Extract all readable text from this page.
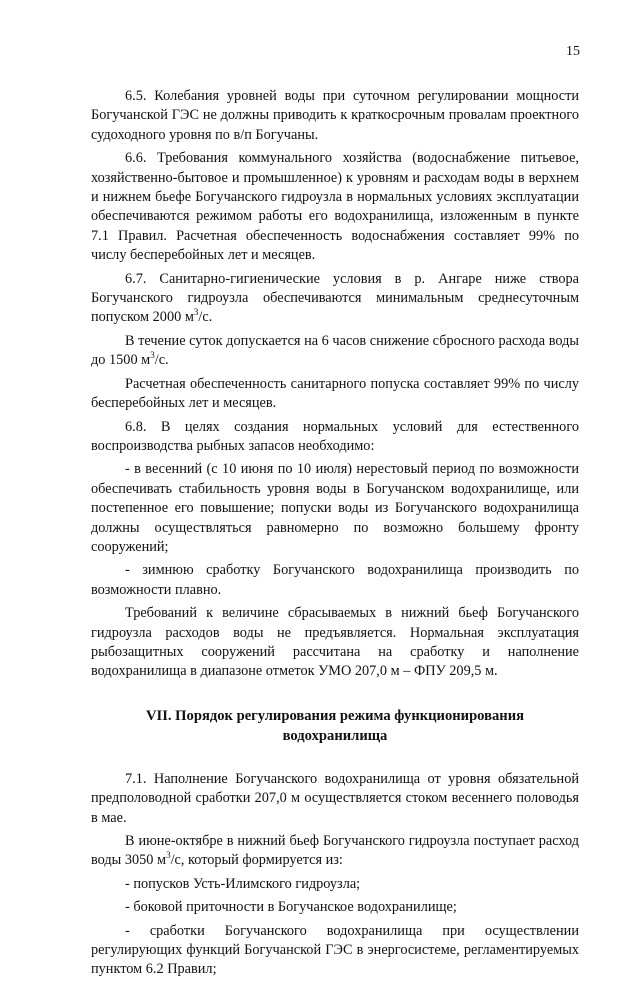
15

6.5. Колебания уровней воды при суточном регулировании мощности Богучанской ГЭС не должны приводить к краткосрочным провалам проектного судоходного уровня по в/п Богучаны.

6.6. Требования коммунального хозяйства (водоснабжение питьевое, хозяйственно-бытовое и промышленное) к уровням и расходам воды в верхнем и нижнем бьефе Богучанского гидроузла в нормальных условиях эксплуатации обеспечиваются режимом работы его водохранилища, изложенным в пункте 7.1 Правил. Расчетная обеспеченность водоснабжения составляет 99% по числу бесперебойных лет и месяцев.

6.7. Санитарно-гигиенические условия в р. Ангаре ниже створа Богучанского гидроузла обеспечиваются минимальным среднесуточным попуском 2000 $м^3/с$.

В течение суток допускается на 6 часов снижение сбросного расхода воды до 1500 $м^3/с$.

Расчетная обеспеченность санитарного попуска составляет 99% по числу бесперебойных лет и месяцев.

6.8. В целях создания нормальных условий для естественного воспроизводства рыбных запасов необходимо:

- в весенний (с 10 июня по 10 июля) нерестовый период по возможности обеспечивать стабильность уровня воды в Богучанском водохранилище, или постепенное его повышение; попуски воды из Богучанского водохранилища должны осуществляться равномерно по возможно большему фронту сооружений;

- зимнюю сработку Богучанского водохранилища производить по возможности плавно.

Требований к величине сбрасываемых в нижний бьеф Богучанского гидроузла расходов воды не предъявляется. Нормальная эксплуатация рыбозащитных сооружений рассчитана на сработку и наполнение водохранилища в диапазоне отметок УМО 207,0 м – ФПУ 209,5 м.

VII. Порядок регулирования режима функционирования водохранилища

7.1. Наполнение Богучанского водохранилища от уровня обязательной предполоводной сработки 207,0 м осуществляется стоком весеннего половодья в мае.

В июне-октябре в нижний бьеф Богучанского гидроузла поступает расход воды 3050 $м^3/с$, который формируется из:

- попусков Усть-Илимского гидроузла;

- боковой приточности в Богучанское водохранилище;

- сработки Богучанского водохранилища при осуществлении регулирующих функций Богучанской ГЭС в энергосистеме, регламентируемых пунктом 6.2 Правил;
